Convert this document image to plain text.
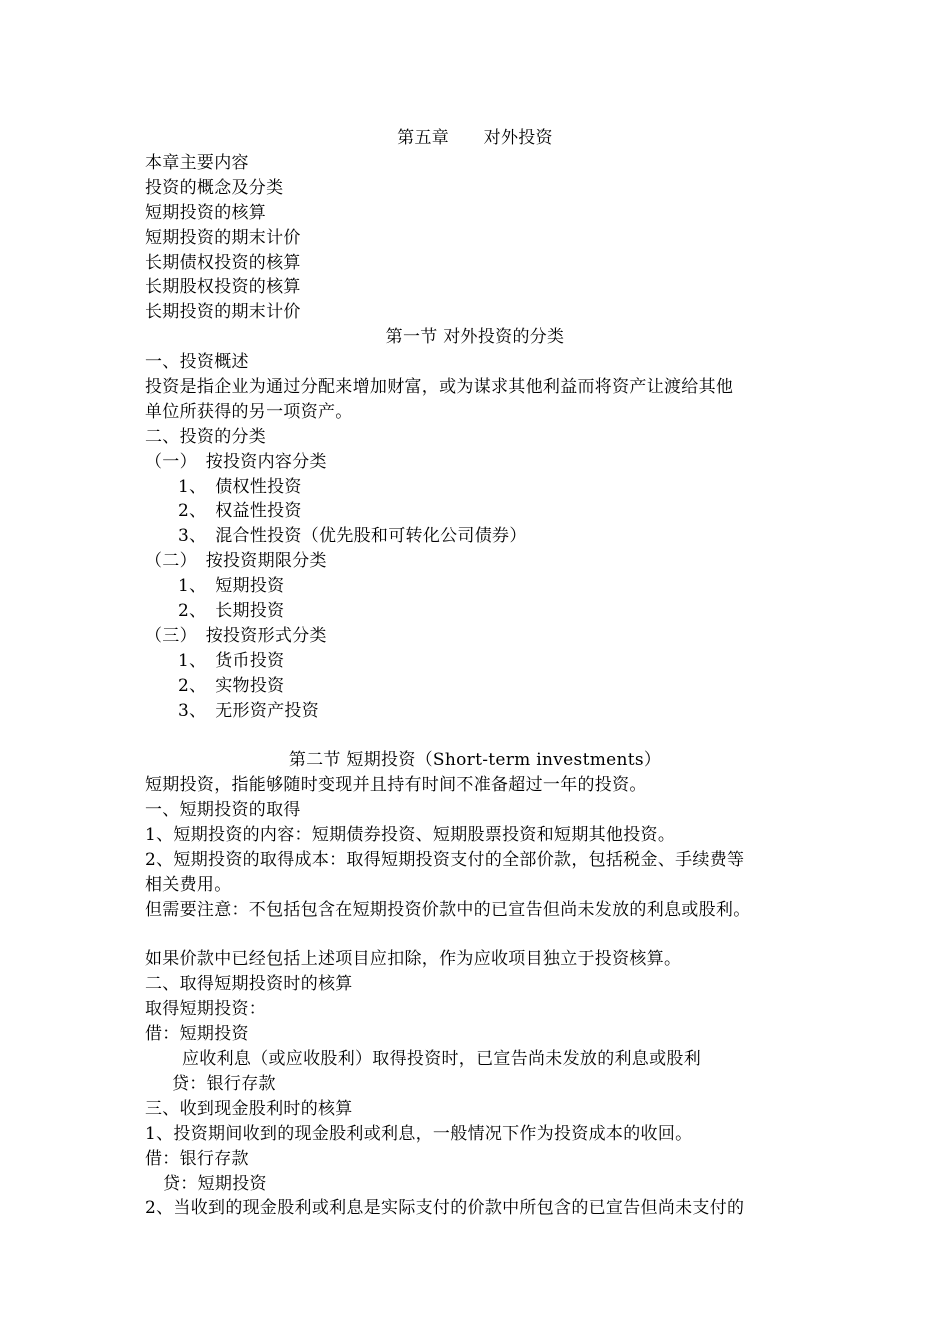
第五章　　对外投资
本章主要内容
投资的概念及分类
短期投资的核算
短期投资的期末计价
长期债权投资的核算
长期股权投资的核算
长期投资的期末计价
第一节 对外投资的分类
一、投资概述
投资是指企业为通过分配来增加财富，或为谋求其他利益而将资产让渡给其他
单位所获得的另一项资产。
二、投资的分类
（一）　按投资内容分类
1、　债权性投资
2、　权益性投资
3、　混合性投资（优先股和可转化公司债券）
（二）　按投资期限分类
1、　短期投资
2、　长期投资
（三）　按投资形式分类
1、　货币投资
2、　实物投资
3、　无形资产投资
第二节 短期投资（Short-term investments）
短期投资，指能够随时变现并且持有时间不准备超过一年的投资。
一、短期投资的取得
1、短期投资的内容：短期债券投资、短期股票投资和短期其他投资。
2、短期投资的取得成本：取得短期投资支付的全部价款，包括税金、手续费等
相关费用。
但需要注意：不包括包含在短期投资价款中的已宣告但尚未发放的利息或股利。
如果价款中已经包括上述项目应扣除，作为应收项目独立于投资核算。
二、取得短期投资时的核算
取得短期投资：
借：短期投资
应收利息（或应收股利）取得投资时，已宣告尚未发放的利息或股利
贷：银行存款
三、收到现金股利时的核算
1、投资期间收到的现金股利或利息，一般情况下作为投资成本的收回。
借：银行存款
贷：短期投资
2、当收到的现金股利或利息是实际支付的价款中所包含的已宣告但尚未支付的
